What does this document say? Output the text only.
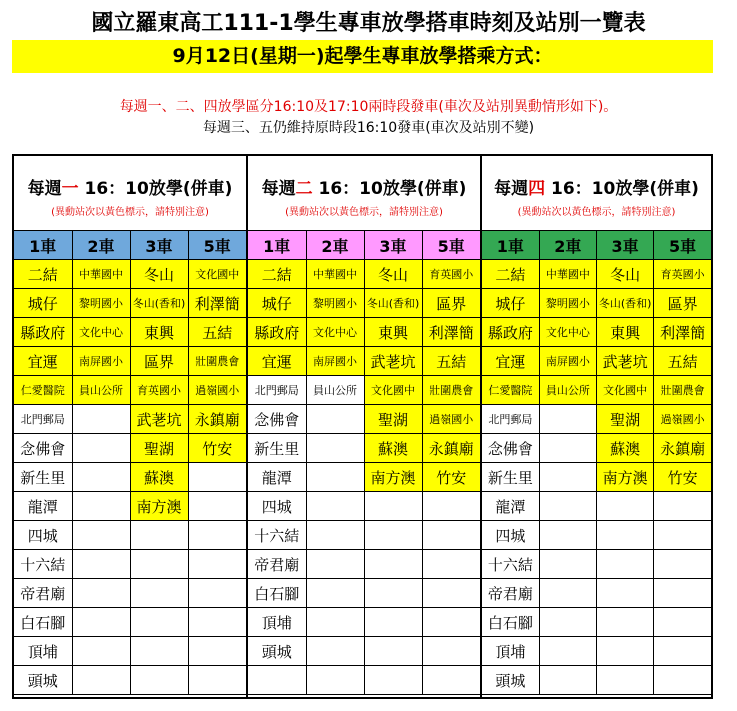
國立羅東高工111-1學生專車放學搭車時刻及站別一覽表
9月12日(星期一)起學生專車放學搭乘方式：
每週一、二、四放學區分16:10及17:10兩時段發車(車次及站別異動情形如下)。
每週三、五仍維持原時段16:10發車(車次及站別不變)
每週一 16：10放學(併車)
(異動站次以黃色標示，請特別注意)
1車	2車	3車	5車
二結	中華國中	冬山	文化國中
城仔	黎明國小	冬山(香和)	利澤簡
縣政府	文化中心	東興	五結
宜運	南屏國小	區界	壯圍農會
仁愛醫院	員山公所	育英國小	過嶺國小
北門郵局		武荖坑	永鎮廟
念佛會		聖湖	竹安
新生里		蘇澳	
龍潭		南方澳	
四城			
十六結			
帝君廟			
白石腳			
頂埔			
頭城			
每週二 16：10放學(併車)
(異動站次以黃色標示，請特別注意)
1車	2車	3車	5車
二結	中華國中	冬山	育英國小
城仔	黎明國小	冬山(香和)	區界
縣政府	文化中心	東興	利澤簡
宜運	南屏國小	武荖坑	五結
北門郵局	員山公所	文化國中	壯圍農會
念佛會		聖湖	過嶺國小
新生里		蘇澳	永鎮廟
龍潭		南方澳	竹安
四城			
十六結			
帝君廟			
白石腳			
頂埔			
頭城			

每週四 16：10放學(併車)
(異動站次以黃色標示，請特別注意)
1車	2車	3車	5車
二結	中華國中	冬山	育英國小
城仔	黎明國小	冬山(香和)	區界
縣政府	文化中心	東興	利澤簡
宜運	南屏國小	武荖坑	五結
仁愛醫院	員山公所	文化國中	壯圍農會
北門郵局		聖湖	過嶺國小
念佛會		蘇澳	永鎮廟
新生里		南方澳	竹安
龍潭			
四城			
十六結			
帝君廟			
白石腳			
頂埔			
頭城			
